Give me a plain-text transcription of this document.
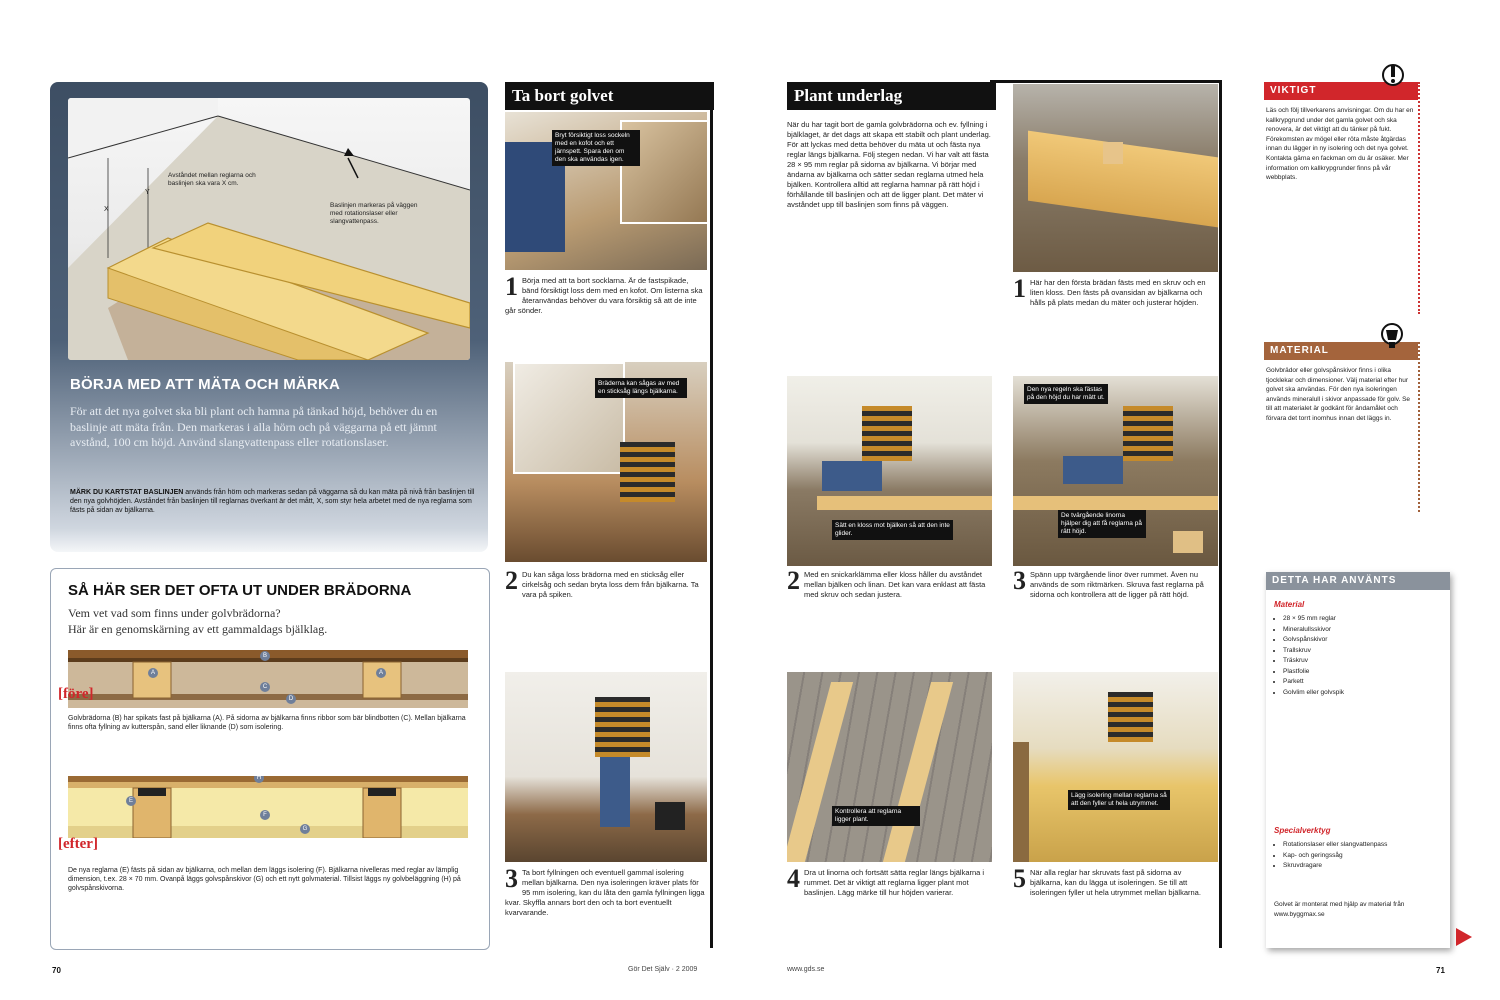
Avståndet mellan reglarna och baslinjen ska vara X cm.
Baslinjen markeras på väggen med rotationslaser eller slangvattenpass.
X
Y
BÖRJA MED ATT MÄTA OCH MÄRKA
För att det nya golvet ska bli plant och hamna på tänkad höjd, behöver du en baslinje att mäta från. Den markeras i alla hörn och på väggarna på ett jämnt avstånd, 100 cm höjd. Använd slangvattenpass eller rotationslaser.
MÄRK DU KARTSTAT BASLINJEN används från hörn och markeras sedan på väggarna så du kan mäta på nivå från baslinjen till den nya golvhöjden. Avståndet från baslinjen till reglarnas överkant är det mått, X, som styr hela arbetet med de nya reglarna som fästs på sidan av bjälkarna.
SÅ HÄR SER DET OFTA UT UNDER BRÄDORNA
Vem vet vad som finns under golvbrädorna?
Här är en genomskärning av ett gammaldags bjälklag.
A
B
C
D
A
[före]
Golvbrädorna (B) har spikats fast på bjälkarna (A). På sidorna av bjälkarna finns ribbor som bär blindbotten (C). Mellan bjälkarna finns ofta fyllning av kutterspån, sand eller liknande (D) som isolering.
E
F
G
H
[efter]
De nya reglarna (E) fästs på sidan av bjälkarna, och mellan dem läggs isolering (F). Bjälkarna nivelleras med reglar av lämplig dimension, t.ex. 28 × 70 mm. Ovanpå läggs golvspånskivor (G) och ett nytt golvmaterial. Tillsist läggs ny golvbeläggning (H) på golvspånskivorna.
Ta bort golvet
Bryt försiktigt loss sockeln med en kofot och ett järnspett. Spara den om den ska användas igen.
1 Börja med att ta bort socklarna. Är de fastspikade, bänd försiktigt loss dem med en kofot. Om listerna ska återanvändas behöver du vara försiktig så att de inte går sönder.
Bräderna kan sågas av med en sticksåg längs bjälkarna.
2 Du kan såga loss brädorna med en sticksåg eller cirkelsåg och sedan bryta loss dem från bjälkarna. Ta vara på spiken.
3 Ta bort fyllningen och eventuell gammal isolering mellan bjälkarna. Den nya isoleringen kräver plats för 95 mm isolering, kan du låta den gamla fyllningen ligga kvar. Skyffla annars bort den och ta bort eventuellt kvarvarande.
Plant underlag
När du har tagit bort de gamla golvbrädorna och ev. fyllning i bjälklaget, är det dags att skapa ett stabilt och plant underlag. För att lyckas med detta behöver du mäta ut och fästa nya reglar längs bjälkarna. Följ stegen nedan. Vi har valt att fästa 28 × 95 mm reglar på sidorna av bjälkarna. Vi börjar med ändarna av bjälkarna och sätter sedan reglarna utmed hela bjälken. Kontrollera alltid att reglarna hamnar på rätt höjd i förhållande till baslinjen och att de ligger plant. Det mäter vi avståndet upp till baslinjen som finns på väggen.
1 Här har den första brädan fästs med en skruv och en liten kloss. Den fästs på ovansidan av bjälkarna och hålls på plats medan du mäter och justerar höjden.
Sätt en kloss mot bjälken så att den inte glider.
2 Med en snickarklämma eller kloss håller du avståndet mellan bjälken och linan. Det kan vara enklast att fästa med skruv och sedan justera.
Den nya regeln ska fästas på den höjd du har mätt ut.
De tvärgående linorna hjälper dig att få reglarna på rätt höjd.
3 Spänn upp tvärgående linor över rummet. Även nu används de som riktmärken. Skruva fast reglarna på sidorna och kontrollera att de ligger på rätt höjd.
Kontrollera att reglarna ligger plant.
4 Dra ut linorna och fortsätt sätta reglar längs bjälkarna i rummet. Det är viktigt att reglarna ligger plant mot baslinjen. Lägg märke till hur höjden varierar.
Lägg isolering mellan reglarna så att den fyller ut hela utrymmet.
5 När alla reglar har skruvats fast på sidorna av bjälkarna, kan du lägga ut isoleringen. Se till att isoleringen fyller ut hela utrymmet mellan bjälkarna.
VIKTIGT
Läs och följ tillverkarens anvisningar. Om du har en kallkrypgrund under det gamla golvet och ska renovera, är det viktigt att du tänker på fukt. Förekomsten av mögel eller röta måste åtgärdas innan du lägger in ny isolering och det nya golvet. Kontakta gärna en fackman om du är osäker. Mer information om kallkrypgrunder finns på vår webbplats.
MATERIAL
Golvbrädor eller golvspånskivor finns i olika tjocklekar och dimensioner. Välj material efter hur golvet ska användas. För den nya isoleringen används mineralull i skivor anpassade för golv. Se till att materialet är godkänt för ändamålet och förvara det torrt inomhus innan det läggs in.
DETTA HAR ANVÄNTS
Material
• 28 × 95 mm reglar
• Mineralullsskivor
• Golvspånskivor
• Trallskruv
• Träskruv
• Plastfolie
• Parkett
• Golvlim eller golvspik
Specialverktyg
• Rotationslaser eller slangvattenpass
• Kap- och geringssåg
• Skruvdragare
Golvet är monterat med hjälp av material från www.byggmax.se
70	Gör Det Själv · 2 2009	www.gds.se	71
